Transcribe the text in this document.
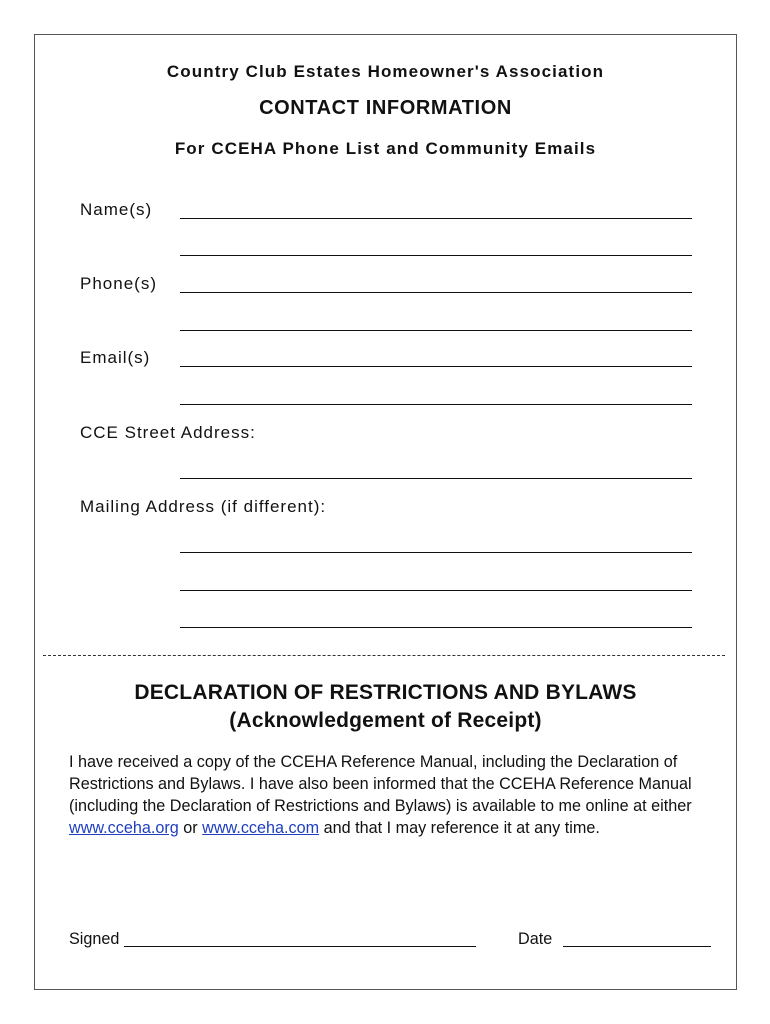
Country Club Estates Homeowner's Association
CONTACT INFORMATION
For CCEHA Phone List and Community Emails
Name(s)
Phone(s)
Email(s)
CCE Street Address:
Mailing Address (if different):
DECLARATION OF RESTRICTIONS AND BYLAWS
(Acknowledgement of Receipt)
I have received a copy of the CCEHA Reference Manual, including the Declaration of Restrictions and Bylaws. I have also been informed that the CCEHA Reference Manual (including the Declaration of Restrictions and Bylaws) is available to me online at either www.cceha.org or www.cceha.com and that I may reference it at any time.
Signed	Date
